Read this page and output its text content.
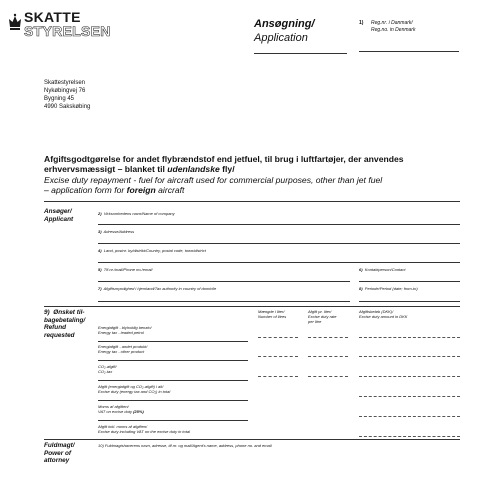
SKATTE
STYRELSEN	Ansøgning/
Application
1) Reg.nr. i Danmark/
Reg.no. in Denmark
Skattestyrelsen
Nykøbingvej 76
Bygning 45
4990 Sakskøbing
Afgiftsgodtgørelse for andet flybrændstof end jetfuel, til brug i luftfartøjer, der anvendes
erhvervsmæssigt – blanket til udenlandske fly/
Excise duty repayment - fuel for aircraft used for commercial purposes, other than jet fuel
– application form for foreign aircraft
Ansøger/
Applicant
2) Virksomhedens navn/Name of company
3) Adresse/Address
4) Land, postnr. by/distrikt/Country, postal code, town/district
5) Tlf.nr./mail/Phone no./email	6) Kontaktperson/Contact
7) Afgiftsmyndighed i hjemland/Tax authority in country of domicile	8) Periode/Period (date; from-to)
9) Ønsket til-
bagebetaling/
Refund
requested
Mængde i liter/
Number of litres
Afgift pr. liter/
Excise duty rate
per litre
Afgiftsbeløb (DKK)/
Excise duty amount in DKK
Energiafgift - blyholdig benzin/
Energy tax - leaded petrol
Energiafgift - andet produkt/
Energy tax - other product
CO₂-afgift/
CO₂-tax
Afgift (energiafgift og CO₂-afgift) i alt/
Excise duty (energy tax and CO₂) in total
Moms af afgiften/
VAT on excise duty (25%)
Afgift inkl. moms af afgiften/
Excise duty including VAT on the excise duty in total
Fuldmagt/
Power of
attorney
10) Fuldmagtshaverens navn, adresse, tlf.nr. og mail/Agent's name, address, phone no. and email
